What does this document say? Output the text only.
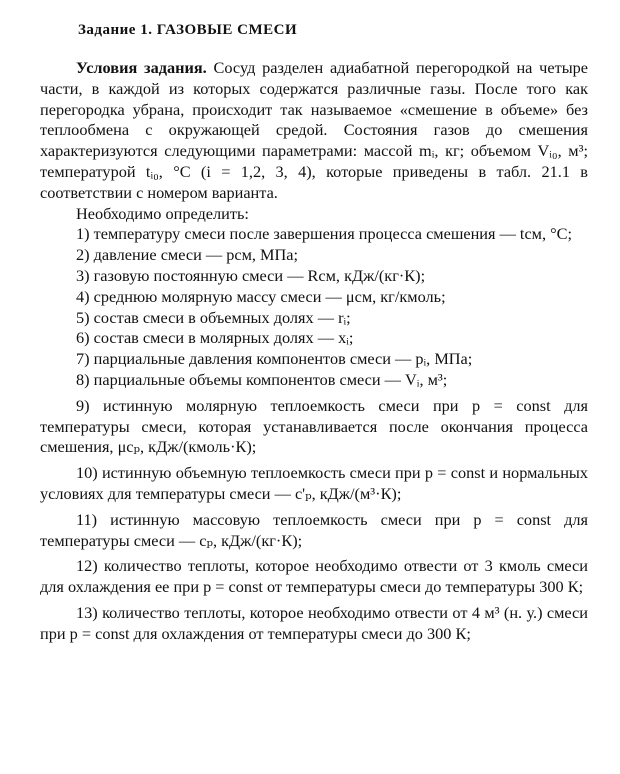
Задание 1. ГАЗОВЫЕ СМЕСИ

Условия задания. Сосуд разделен адиабатной перегородкой на четыре части, в каждой из которых содержатся различные газы. После того как перегородка убрана, происходит так называемое «смешение в объеме» без теплообмена с окружающей средой. Состояния газов до смешения характеризуются следующими параметрами: массой mᵢ, кг; объемом Vᵢ₀, м³; температурой tᵢ₀, °С (i = 1,2, 3, 4), которые приведены в табл. 21.1 в соответствии с номером варианта.

Необходимо определить:

1) температуру смеси после завершения процесса смешения — tсм, °С;

2) давление смеси — pсм, МПа;

3) газовую постоянную смеси — Rсм, кДж/(кг·К);

4) среднюю молярную массу смеси — μсм, кг/кмоль;

5) состав смеси в объемных долях — rᵢ;

6) состав смеси в молярных долях — xᵢ;

7) парциальные давления компонентов смеси — pᵢ, МПа;

8) парциальные объемы компонентов смеси — Vᵢ, м³;

9) истинную молярную теплоемкость смеси при p = const для температуры смеси, которая устанавливается после окончания процесса смешения, μcₚ, кДж/(кмоль·К);

10) истинную объемную теплоемкость смеси при p = const и нормальных условиях для температуры смеси — c'ₚ, кДж/(м³·К);

11) истинную массовую теплоемкость смеси при p = const для температуры смеси — cₚ, кДж/(кг·К);

12) количество теплоты, которое необходимо отвести от 3 кмоль смеси для охлаждения ее при p = const от температуры смеси до температуры 300 К;

13) количество теплоты, которое необходимо отвести от 4 м³ (н. у.) смеси при p = const для охлаждения от температуры смеси до 300 К;
